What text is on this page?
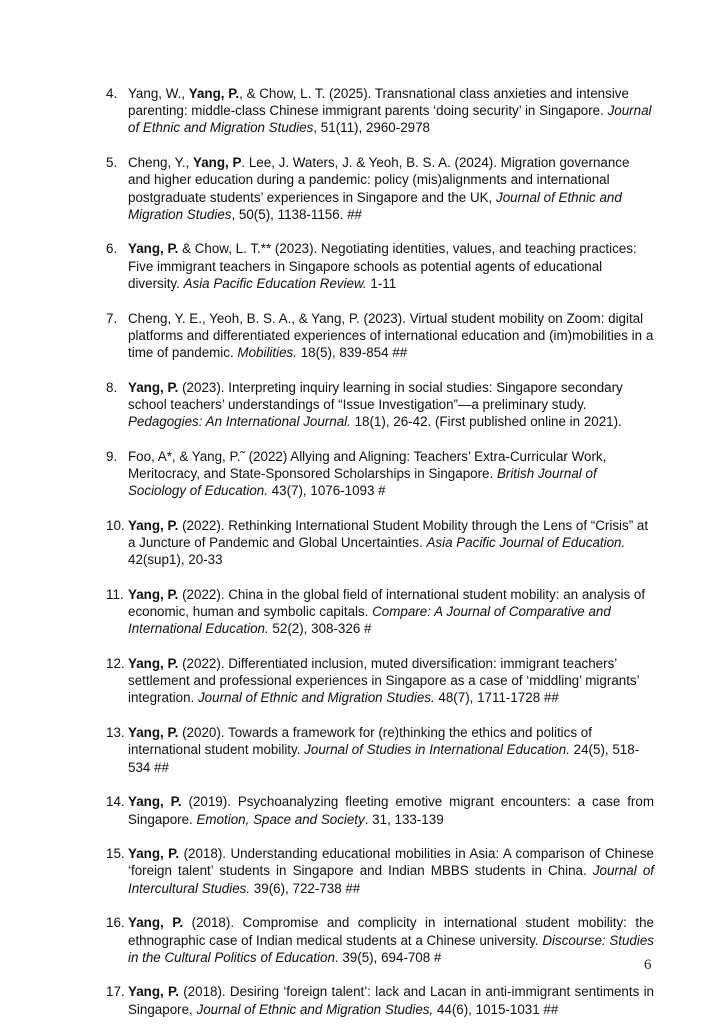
4. Yang, W., Yang, P., & Chow, L. T. (2025). Transnational class anxieties and intensive parenting: middle-class Chinese immigrant parents ‘doing security’ in Singapore. Journal of Ethnic and Migration Studies, 51(11), 2960-2978
5. Cheng, Y., Yang, P. Lee, J. Waters, J. & Yeoh, B. S. A. (2024). Migration governance and higher education during a pandemic: policy (mis)alignments and international postgraduate students’ experiences in Singapore and the UK, Journal of Ethnic and Migration Studies, 50(5), 1138-1156. ##
6. Yang, P. & Chow, L. T.** (2023). Negotiating identities, values, and teaching practices: Five immigrant teachers in Singapore schools as potential agents of educational diversity. Asia Pacific Education Review. 1-11
7. Cheng, Y. E., Yeoh, B. S. A., & Yang, P. (2023). Virtual student mobility on Zoom: digital platforms and differentiated experiences of international education and (im)mobilities in a time of pandemic. Mobilities. 18(5), 839-854 ##
8. Yang, P. (2023). Interpreting inquiry learning in social studies: Singapore secondary school teachers’ understandings of “Issue Investigation”—a preliminary study. Pedagogies: An International Journal. 18(1), 26-42. (First published online in 2021).
9. Foo, A*, & Yang, P.˜ (2022) Allying and Aligning: Teachers’ Extra-Curricular Work, Meritocracy, and State-Sponsored Scholarships in Singapore. British Journal of Sociology of Education. 43(7), 1076-1093 #
10. Yang, P. (2022). Rethinking International Student Mobility through the Lens of “Crisis” at a Juncture of Pandemic and Global Uncertainties. Asia Pacific Journal of Education. 42(sup1), 20-33
11. Yang, P. (2022). China in the global field of international student mobility: an analysis of economic, human and symbolic capitals. Compare: A Journal of Comparative and International Education. 52(2), 308-326 #
12. Yang, P. (2022). Differentiated inclusion, muted diversification: immigrant teachers’ settlement and professional experiences in Singapore as a case of ‘middling’ migrants’ integration. Journal of Ethnic and Migration Studies. 48(7), 1711-1728 ##
13. Yang, P. (2020). Towards a framework for (re)thinking the ethics and politics of international student mobility. Journal of Studies in International Education. 24(5), 518-534 ##
14. Yang, P. (2019). Psychoanalyzing fleeting emotive migrant encounters: a case from Singapore. Emotion, Space and Society. 31, 133-139
15. Yang, P. (2018). Understanding educational mobilities in Asia: A comparison of Chinese ‘foreign talent’ students in Singapore and Indian MBBS students in China. Journal of Intercultural Studies. 39(6), 722-738 ##
16. Yang, P. (2018). Compromise and complicity in international student mobility: the ethnographic case of Indian medical students at a Chinese university. Discourse: Studies in the Cultural Politics of Education. 39(5), 694-708 #
17. Yang, P. (2018). Desiring ‘foreign talent’: lack and Lacan in anti-immigrant sentiments in Singapore, Journal of Ethnic and Migration Studies, 44(6), 1015-1031 ##
6
